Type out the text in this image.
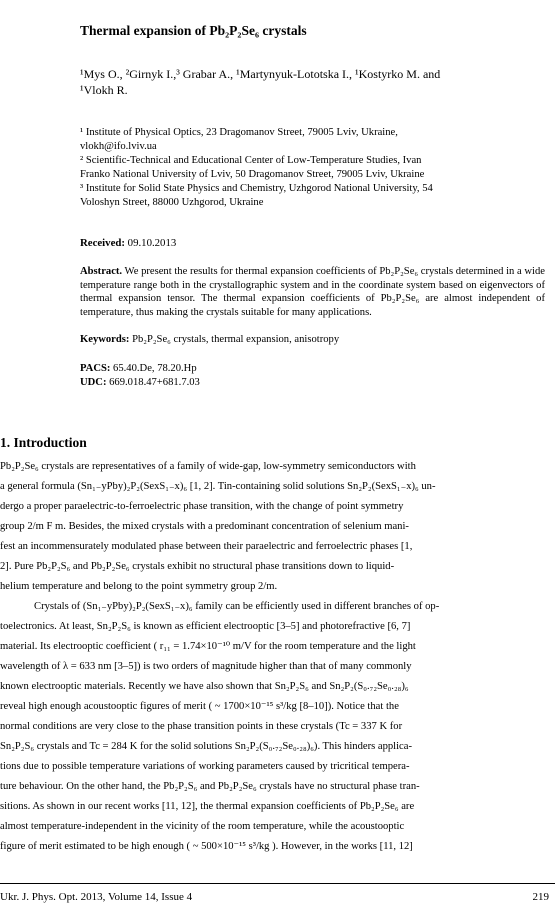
Thermal expansion of Pb₂P₂Se₆ crystals

¹Mys O., ²Girnyk I.,³ Grabar A., ¹Martynyuk-Lototska I., ¹Kostyrko M. and
¹Vlokh R.

¹ Institute of Physical Optics, 23 Dragomanov Street, 79005 Lviv, Ukraine,
vlokh@ifo.lviv.ua

² Scientific-Technical and Educational Center of Low-Temperature Studies, Ivan
Franko National University of Lviv, 50 Dragomanov Street, 79005 Lviv, Ukraine

³ Institute for Solid State Physics and Chemistry, Uzhgorod National University, 54
Voloshyn Street, 88000 Uzhgorod, Ukraine

Received: 09.10.2013

Abstract. We present the results for thermal expansion coefficients of Pb₂P₂Se₆ crystals determined in a wide temperature range both in the crystallographic system and in the coordinate system based on eigenvectors of thermal expansion tensor. The thermal expansion coefficients of Pb₂P₂Se₆ are almost independent of temperature, thus making the crystals suitable for many applications.

Keywords: Pb₂P₂Se₆ crystals, thermal expansion, anisotropy

PACS: 65.40.De, 78.20.Hp

UDC: 669.018.47+681.7.03

1. Introduction
Pb₂P₂Se₆ crystals are representatives of a family of wide-gap, low-symmetry semiconductors with
a general formula (Sn₁₋yPby)₂P₂(SexS₁₋x)₆ [1, 2]. Tin-containing solid solutions Sn₂P₂(SexS₁₋x)₆ un-
dergo a proper paraelectric-to-ferroelectric phase transition, with the change of point symmetry
group 2/m F m. Besides, the mixed crystals with a predominant concentration of selenium mani-
fest an incommensurately modulated phase between their paraelectric and ferroelectric phases [1,
2]. Pure Pb₂P₂S₆ and Pb₂P₂Se₆ crystals exhibit no structural phase transitions down to liquid-
helium temperature and belong to the point symmetry group 2/m.
Crystals of (Sn₁₋yPby)₂P₂(SexS₁₋x)₆ family can be efficiently used in different branches of op-
toelectronics. At least, Sn₂P₂S₆ is known as efficient electrooptic [3–5] and photorefractive [6, 7]
material. Its electrooptic coefficient ( r₁₁ = 1.74×10⁻¹⁰ m/V for the room temperature and the light
wavelength of λ = 633 nm [3–5]) is two orders of magnitude higher than that of many commonly
known electrooptic materials. Recently we have also shown that Sn₂P₂S₆ and Sn₂P₂(S₀.₇₂Se₀.₂₈)₆
reveal high enough acoustooptic figures of merit ( ~ 1700×10⁻¹⁵ s³/kg [8–10]). Notice that the
normal conditions are very close to the phase transition points in these crystals (Tc = 337 K for
Sn₂P₂S₆ crystals and Tc = 284 K for the solid solutions Sn₂P₂(S₀.₇₂Se₀.₂₈)₆). This hinders applica-
tions due to possible temperature variations of working parameters caused by tricritical tempera-
ture behaviour. On the other hand, the Pb₂P₂S₆ and Pb₂P₂Se₆ crystals have no structural phase tran-
sitions. As shown in our recent works [11, 12], the thermal expansion coefficients of Pb₂P₂Se₆ are
almost temperature-independent in the vicinity of the room temperature, while the acoustooptic
figure of merit estimated to be high enough ( ~ 500×10⁻¹⁵ s³/kg ). However, in the works [11, 12]
Ukr. J. Phys. Opt. 2013, Volume 14, Issue 4	219
